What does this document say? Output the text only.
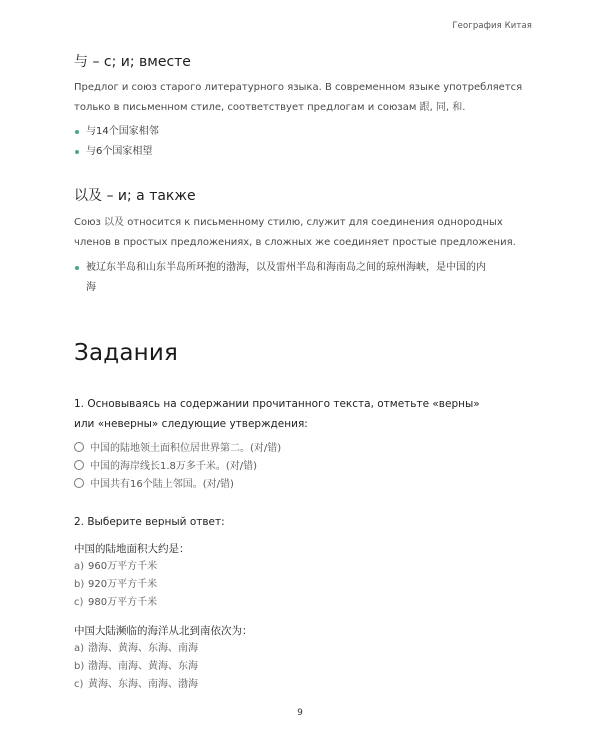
География Китая
与 – с; и; вместе
Предлог и союз старого литературного языка. В современном языке употребляется
только в письменном стиле, соответствует предлогам и союзам 跟, 同, 和.
与14个国家相邻
与6个国家相望
以及 – и; а также
Союз 以及 относится к письменному стилю, служит для соединения однородных
членов в простых предложениях, в сложных же соединяет простые предложения.
被辽东半岛和山东半岛所环抱的渤海，以及雷州半岛和海南岛之间的琼州海峡，是中国的内
海
Задания
1. Основываясь на содержании прочитанного текста, отметьте «верны»
или «неверны» следующие утверждения:
中国的陆地领土面积位居世界第二。(对/错)
中国的海岸线长1.8万多千米。(对/错)
中国共有16个陆上邻国。(对/错)
2. Выберите верный ответ:
中国的陆地面积大约是：
a) 960万平方千米
b) 920万平方千米
c) 980万平方千米
中国大陆濒临的海洋从北到南依次为：
a) 渤海、黄海、东海、南海
b) 渤海、南海、黄海、东海
c) 黄海、东海、南海、渤海
9
